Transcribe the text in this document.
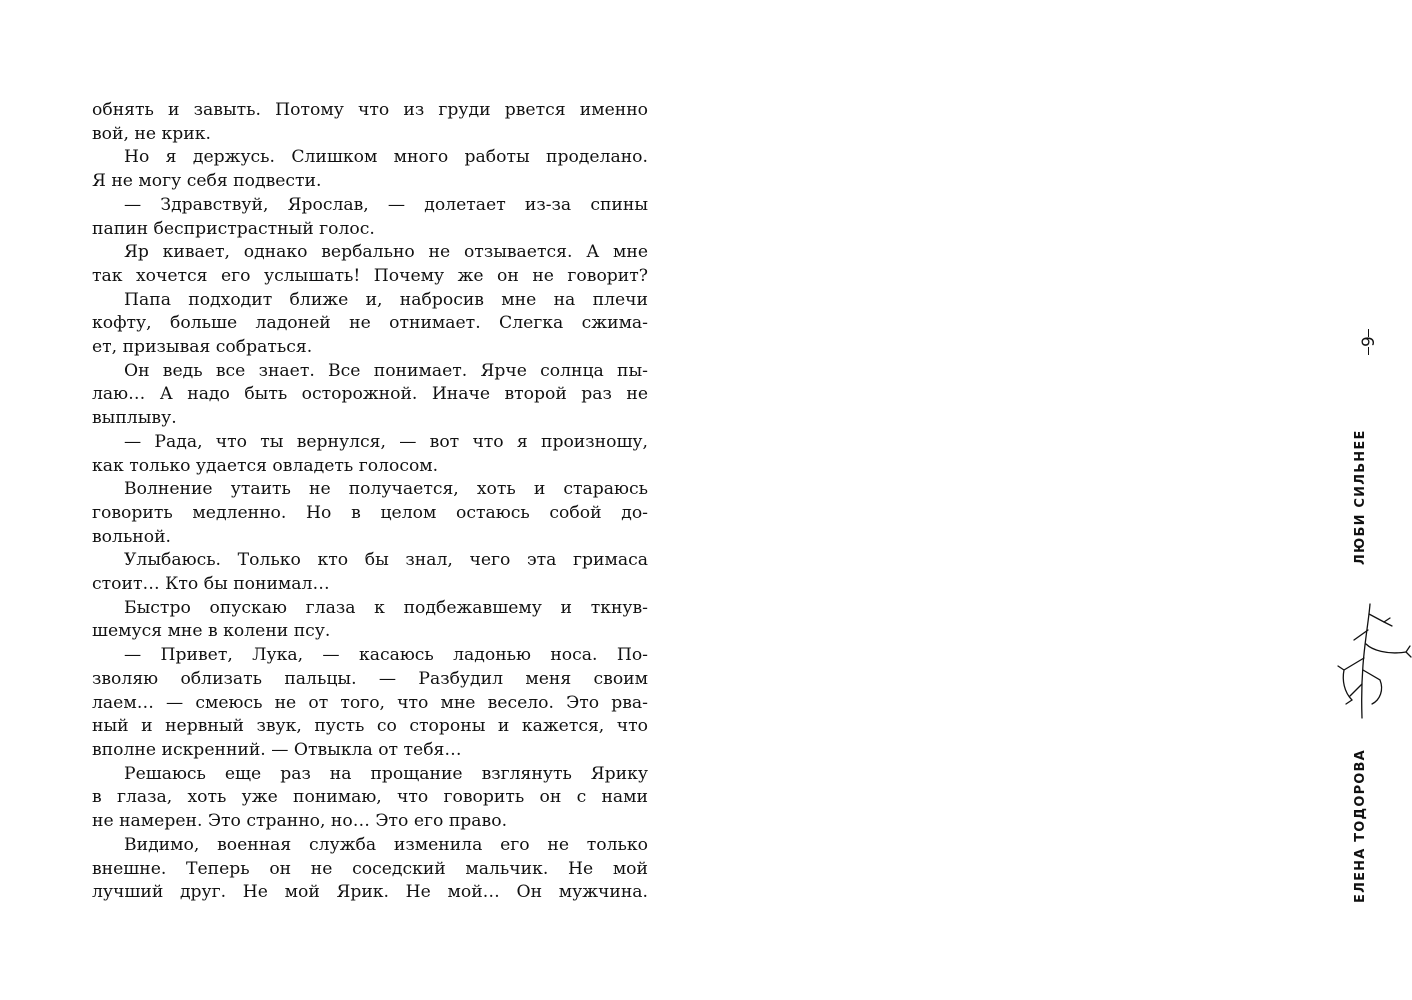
обнять и завыть. Потому что из груди рвется именно
вой, не крик.
Но я держусь. Слишком много работы проделано.
Я не могу себя подвести.
— Здравствуй, Ярослав, — долетает из-за спины
папин беспристрастный голос.
Яр кивает, однако вербально не отзывается. А мне
так хочется его услышать! Почему же он не говорит?
Папа подходит ближе и, набросив мне на плечи
кофту, больше ладоней не отнимает. Слегка сжима-
ет, призывая собраться.
Он ведь все знает. Все понимает. Ярче солнца пы-
лаю… А надо быть осторожной. Иначе второй раз не
выплыву.
— Рада, что ты вернулся, — вот что я произношу,
как только удается овладеть голосом.
Волнение утаить не получается, хоть и стараюсь
говорить медленно. Но в целом остаюсь собой до-
вольной.
Улыбаюсь. Только кто бы знал, чего эта гримаса
стоит… Кто бы понимал…
Быстро опускаю глаза к подбежавшему и ткнув-
шемуся мне в колени псу.
— Привет, Лука, — касаюсь ладонью носа. По-
зволяю облизать пальцы. — Разбудил меня своим
лаем… — смеюсь не от того, что мне весело. Это рва-
ный и нервный звук, пусть со стороны и кажется, что
вполне искренний. — Отвыкла от тебя…
Решаюсь еще раз на прощание взглянуть Ярику
в глаза, хоть уже понимаю, что говорить он с нами
не намерен. Это странно, но… Это его право.
Видимо, военная служба изменила его не только
внешне. Теперь он не соседский мальчик. Не мой
лучший друг. Не мой Ярик. Не мой… Он мужчина.
9
ЛЮБИ СИЛЬНЕЕ
ЕЛЕНА ТОДОРОВА
